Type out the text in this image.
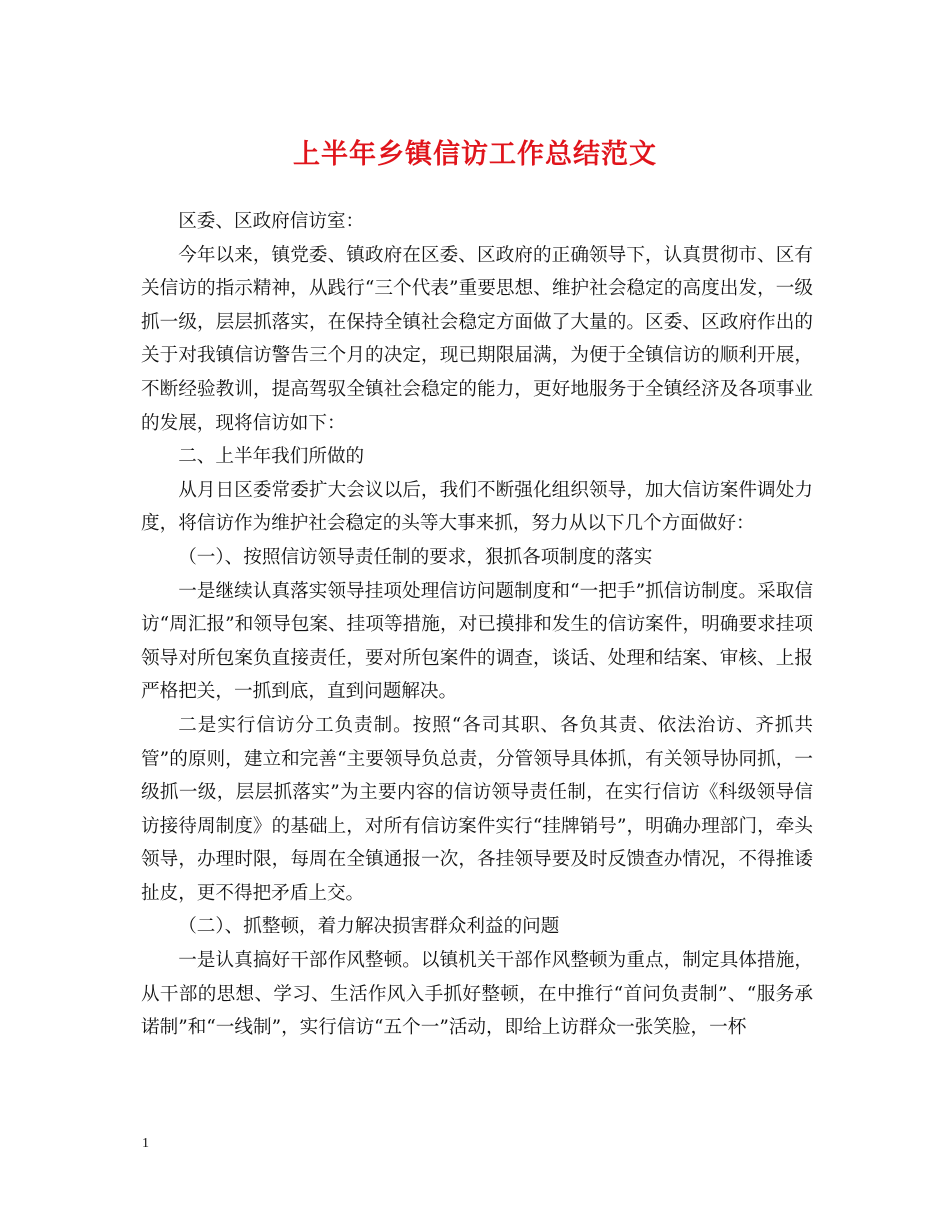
上半年乡镇信访工作总结范文

区委、区政府信访室：

今年以来，镇党委、镇政府在区委、区政府的正确领导下，认真贯彻市、区有关信访的指示精神，从践行“三个代表”重要思想、维护社会稳定的高度出发，一级抓一级，层层抓落实，在保持全镇社会稳定方面做了大量的。区委、区政府作出的关于对我镇信访警告三个月的决定，现已期限届满，为便于全镇信访的顺利开展，不断经验教训，提高驾驭全镇社会稳定的能力，更好地服务于全镇经济及各项事业的发展，现将信访如下：

二、上半年我们所做的

从月日区委常委扩大会议以后，我们不断强化组织领导，加大信访案件调处力度，将信访作为维护社会稳定的头等大事来抓，努力从以下几个方面做好：

（一）、按照信访领导责任制的要求，狠抓各项制度的落实

一是继续认真落实领导挂项处理信访问题制度和“一把手”抓信访制度。采取信访“周汇报”和领导包案、挂项等措施，对已摸排和发生的信访案件，明确要求挂项领导对所包案负直接责任，要对所包案件的调查，谈话、处理和结案、审核、上报严格把关，一抓到底，直到问题解决。

二是实行信访分工负责制。按照“各司其职、各负其责、依法治访、齐抓共管”的原则，建立和完善“主要领导负总责，分管领导具体抓，有关领导协同抓，一级抓一级，层层抓落实”为主要内容的信访领导责任制，在实行信访《科级领导信访接待周制度》的基础上，对所有信访案件实行“挂牌销号”，明确办理部门，牵头领导，办理时限，每周在全镇通报一次，各挂领导要及时反馈查办情况，不得推诿扯皮，更不得把矛盾上交。

（二）、抓整顿，着力解决损害群众利益的问题

一是认真搞好干部作风整顿。以镇机关干部作风整顿为重点，制定具体措施，从干部的思想、学习、生活作风入手抓好整顿，在中推行“首问负责制”、“服务承诺制”和“一线制”，实行信访“五个一”活动，即给上访群众一张笑脸，一杯

1
